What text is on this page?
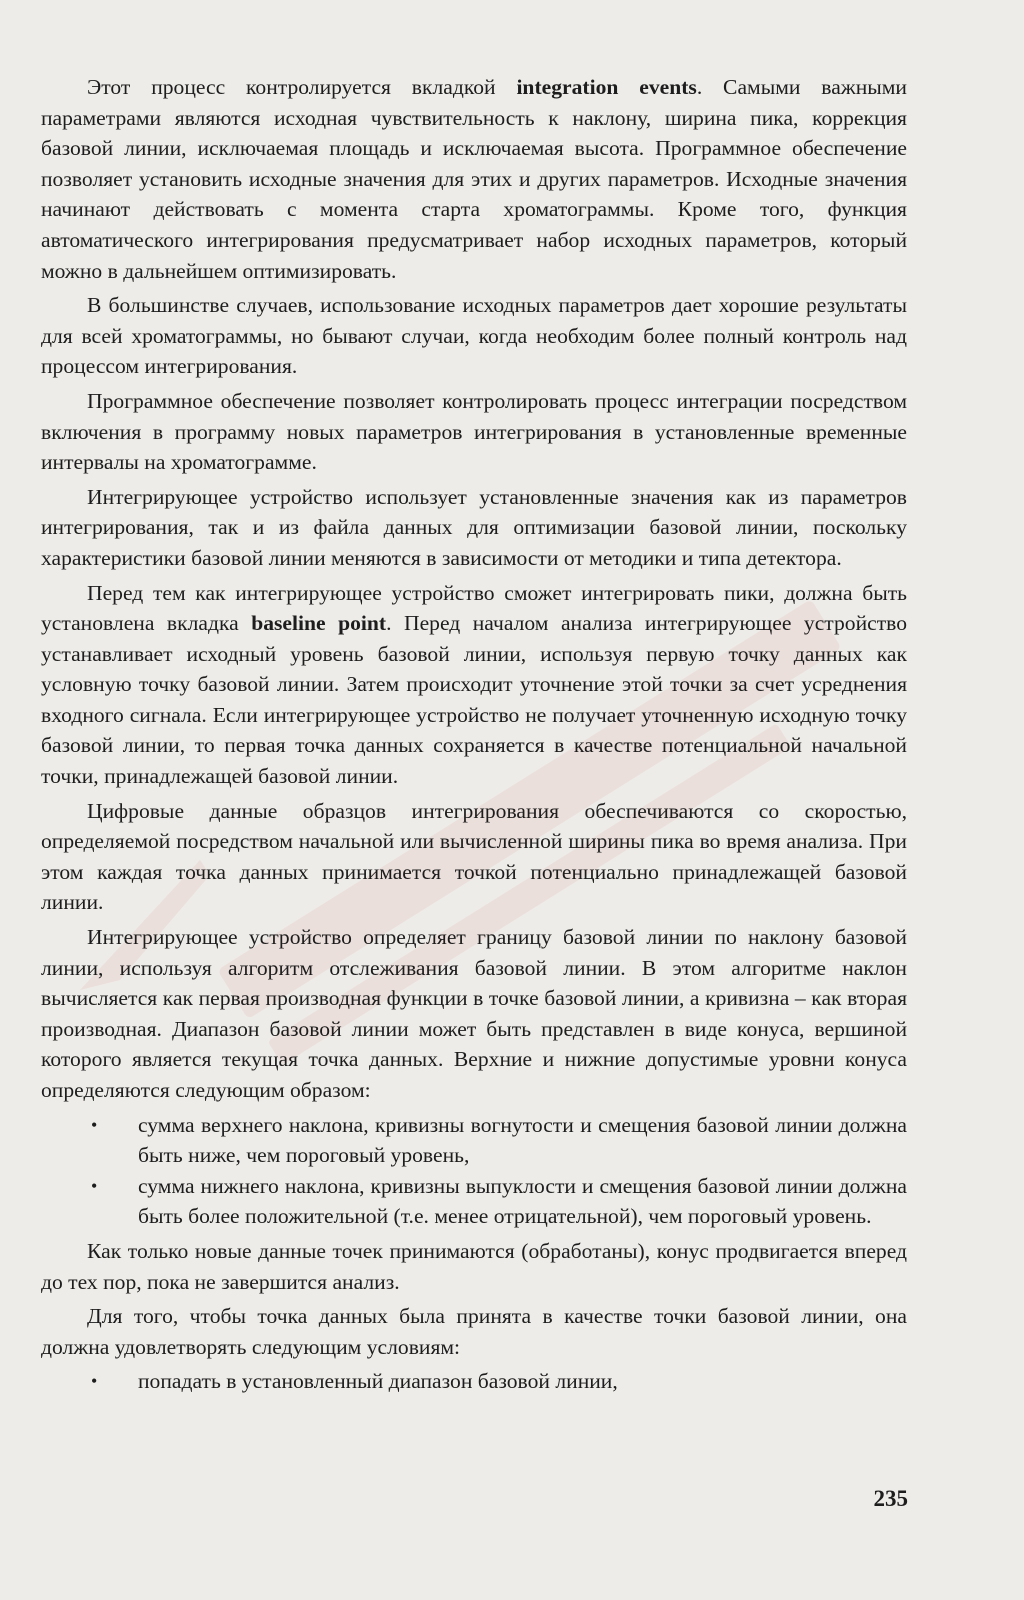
Этот процесс контролируется вкладкой integration events. Самыми важными параметрами являются исходная чувствительность к наклону, ширина пика, коррекция базовой линии, исключаемая площадь и исключаемая высота. Программное обеспечение позволяет установить исходные значения для этих и других параметров. Исходные значения начинают действовать с момента старта хроматограммы. Кроме того, функция автоматического интегрирования предусматривает набор исходных параметров, который можно в дальнейшем оптимизировать.

В большинстве случаев, использование исходных параметров дает хорошие результаты для всей хроматограммы, но бывают случаи, когда необходим более полный контроль над процессом интегрирования.

Программное обеспечение позволяет контролировать процесс интеграции посредством включения в программу новых параметров интегрирования в установленные временные интервалы на хроматограмме.

Интегрирующее устройство использует установленные значения как из параметров интегрирования, так и из файла данных для оптимизации базовой линии, поскольку характеристики базовой линии меняются в зависимости от методики и типа детектора.

Перед тем как интегрирующее устройство сможет интегрировать пики, должна быть установлена вкладка baseline point. Перед началом анализа интегрирующее устройство устанавливает исходный уровень базовой линии, используя первую точку данных как условную точку базовой линии. Затем происходит уточнение этой точки за счет усреднения входного сигнала. Если интегрирующее устройство не получает уточненную исходную точку базовой линии, то первая точка данных сохраняется в качестве потенциальной начальной точки, принадлежащей базовой линии.

Цифровые данные образцов интегрирования обеспечиваются со скоростью, определяемой посредством начальной или вычисленной ширины пика во время анализа. При этом каждая точка данных принимается точкой потенциально принадлежащей базовой линии.

Интегрирующее устройство определяет границу базовой линии по наклону базовой линии, используя алгоритм отслеживания базовой линии. В этом алгоритме наклон вычисляется как первая производная функции в точке базовой линии, а кривизна – как вторая производная. Диапазон базовой линии может быть представлен в виде конуса, вершиной которого является текущая точка данных. Верхние и нижние допустимые уровни конуса определяются следующим образом:

• сумма верхнего наклона, кривизны вогнутости и смещения базовой линии должна быть ниже, чем пороговый уровень,
• сумма нижнего наклона, кривизны выпуклости и смещения базовой линии должна быть более положительной (т.е. менее отрицательной), чем пороговый уровень.

Как только новые данные точек принимаются (обработаны), конус продвигается вперед до тех пор, пока не завершится анализ.

Для того, чтобы точка данных была принята в качестве точки базовой линии, она должна удовлетворять следующим условиям:

• попадать в установленный диапазон базовой линии,
235
